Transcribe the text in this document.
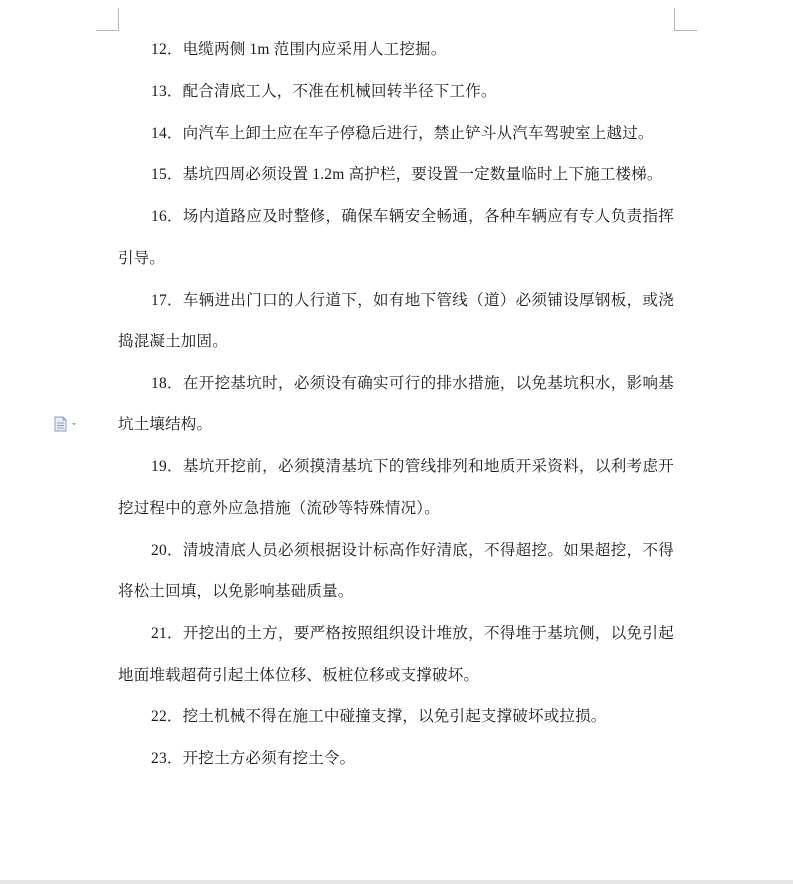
12．电缆两侧 1m 范围内应采用人工挖掘。
13．配合清底工人，不准在机械回转半径下工作。
14．向汽车上卸土应在车子停稳后进行，禁止铲斗从汽车驾驶室上越过。
15．基坑四周必须设置 1.2m 高护栏，要设置一定数量临时上下施工楼梯。
16．场内道路应及时整修，确保车辆安全畅通，各种车辆应有专人负责指挥
引导。
17．车辆进出门口的人行道下，如有地下管线（道）必须铺设厚钢板，或浇
捣混凝土加固。
18．在开挖基坑时，必须设有确实可行的排水措施，以免基坑积水，影响基
坑土壤结构。
19．基坑开挖前，必须摸清基坑下的管线排列和地质开采资料，以利考虑开
挖过程中的意外应急措施（流砂等特殊情况）。
20．清坡清底人员必须根据设计标高作好清底，不得超挖。如果超挖，不得
将松土回填，以免影响基础质量。
21．开挖出的土方，要严格按照组织设计堆放，不得堆于基坑侧，以免引起
地面堆载超荷引起土体位移、板桩位移或支撑破坏。
22．挖土机械不得在施工中碰撞支撑，以免引起支撑破坏或拉损。
23．开挖土方必须有挖土令。
